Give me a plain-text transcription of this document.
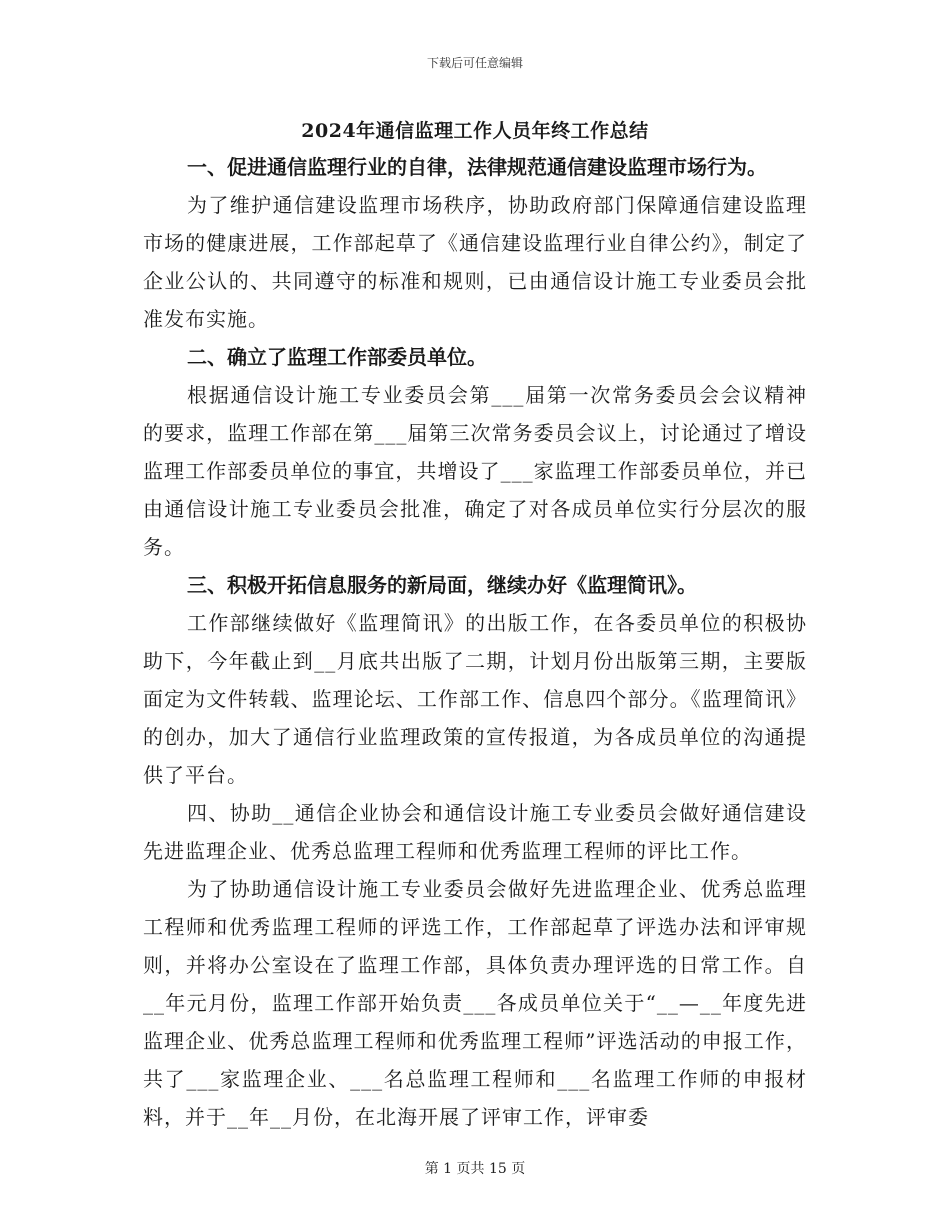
下载后可任意编辑
2024年通信监理工作人员年终工作总结

一、促进通信监理行业的自律，法律规范通信建设监理市场行为。

为了维护通信建设监理市场秩序，协助政府部门保障通信建设监理市场的健康进展，工作部起草了《通信建设监理行业自律公约》，制定了企业公认的、共同遵守的标准和规则，已由通信设计施工专业委员会批准发布实施。

二、确立了监理工作部委员单位。

根据通信设计施工专业委员会第___届第一次常务委员会会议精神的要求，监理工作部在第___届第三次常务委员会议上，讨论通过了增设监理工作部委员单位的事宜，共增设了___家监理工作部委员单位，并已由通信设计施工专业委员会批准，确定了对各成员单位实行分层次的服务。

三、积极开拓信息服务的新局面，继续办好《监理简讯》。

工作部继续做好《监理简讯》的出版工作，在各委员单位的积极协助下，今年截止到__月底共出版了二期，计划月份出版第三期，主要版面定为文件转载、监理论坛、工作部工作、信息四个部分。《监理简讯》的创办，加大了通信行业监理政策的宣传报道，为各成员单位的沟通提供了平台。

四、协助__通信企业协会和通信设计施工专业委员会做好通信建设先进监理企业、优秀总监理工程师和优秀监理工程师的评比工作。

为了协助通信设计施工专业委员会做好先进监理企业、优秀总监理工程师和优秀监理工程师的评选工作，工作部起草了评选办法和评审规则，并将办公室设在了监理工作部，具体负责办理评选的日常工作。自__年元月份，监理工作部开始负责___各成员单位关于“__—__年度先进监理企业、优秀总监理工程师和优秀监理工程师”评选活动的申报工作，共了___家监理企业、___名总监理工程师和___名监理工作师的申报材料，并于__年__月份，在北海开展了评审工作，评审委

第 1 页共 15 页
